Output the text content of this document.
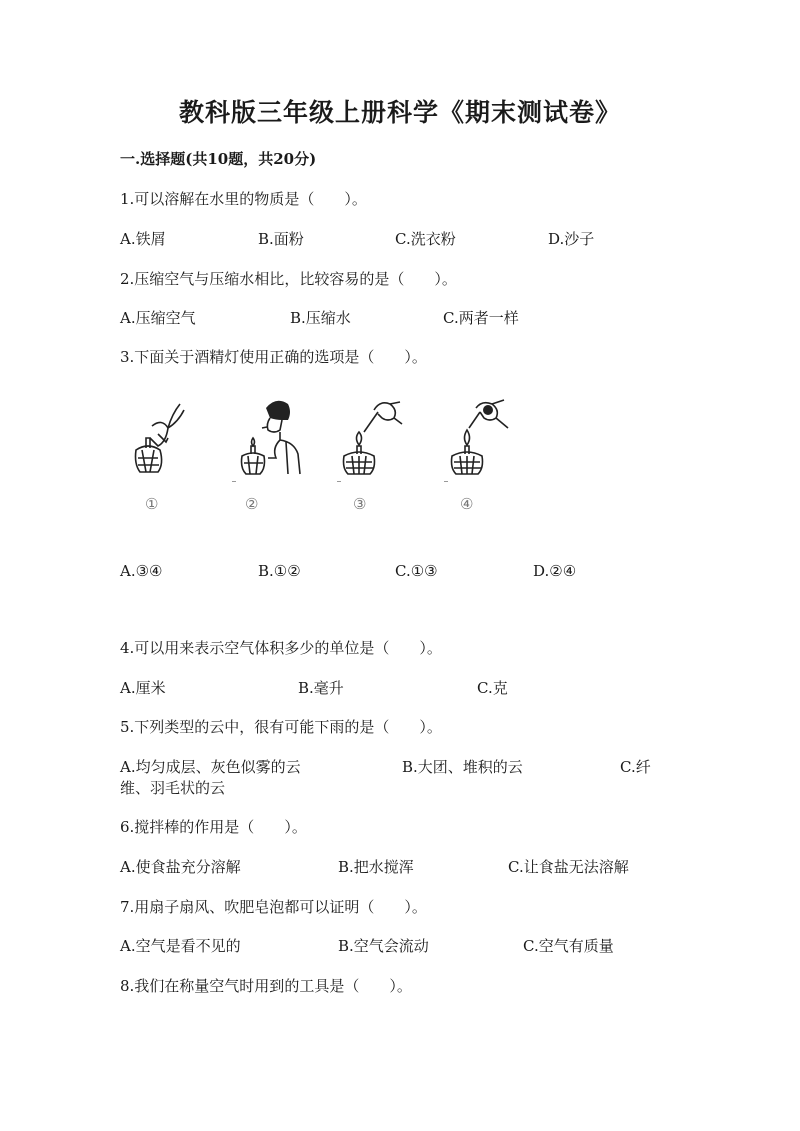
教科版三年级上册科学《期末测试卷》
一.选择题(共10题，共20分)
1.可以溶解在水里的物质是（　　）。
A.铁屑	B.面粉	C.洗衣粉	D.沙子
2.压缩空气与压缩水相比，比较容易的是（　　）。
A.压缩空气	B.压缩水	C.两者一样
3.下面关于酒精灯使用正确的选项是（　　）。
①	②	③	④
A.③④	B.①②	C.①③	D.②④
4.可以用来表示空气体积多少的单位是（　　）。
A.厘米	B.毫升	C.克
5.下列类型的云中，很有可能下雨的是（　　）。
A.均匀成层、灰色似雾的云	B.大团、堆积的云	C.纤
维、羽毛状的云
6.搅拌棒的作用是（　　）。
A.使食盐充分溶解	B.把水搅浑	C.让食盐无法溶解
7.用扇子扇风、吹肥皂泡都可以证明（　　）。
A.空气是看不见的	B.空气会流动	C.空气有质量
8.我们在称量空气时用到的工具是（　　）。
